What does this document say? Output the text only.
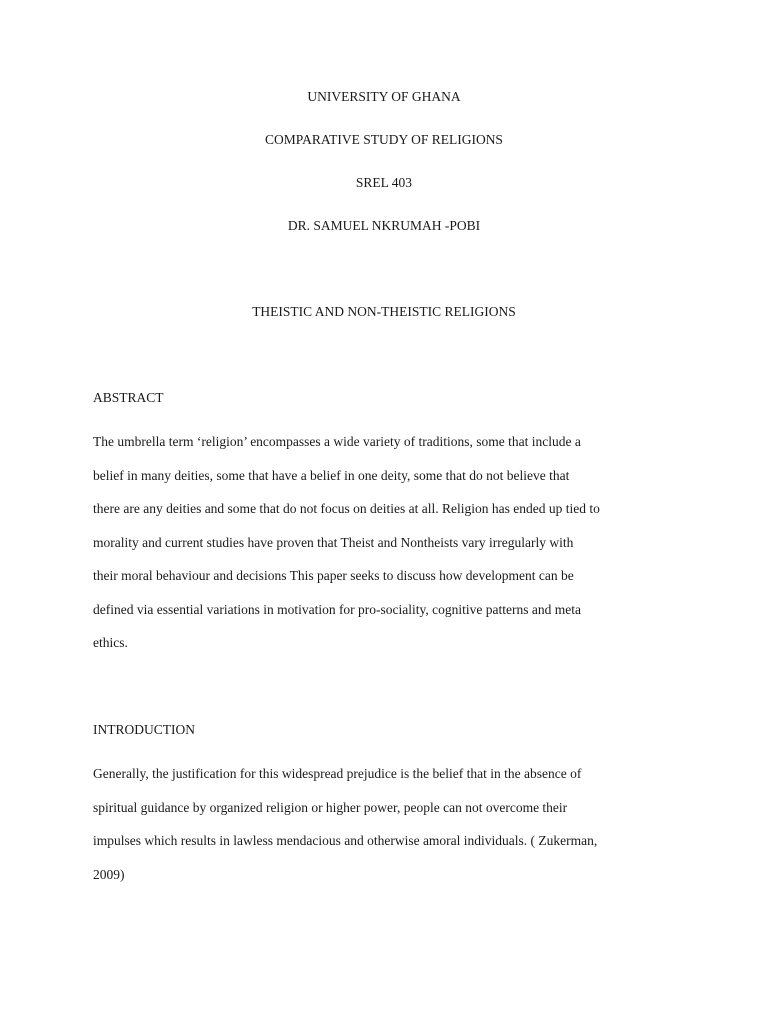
UNIVERSITY OF GHANA
COMPARATIVE STUDY OF RELIGIONS
SREL 403
DR. SAMUEL NKRUMAH -POBI
THEISTIC AND NON-THEISTIC RELIGIONS
ABSTRACT
The umbrella term ‘religion’ encompasses a wide variety of traditions, some that include a
belief in many deities, some that have a belief in one deity, some that do not believe that
there are any deities and some that do not focus on deities at all. Religion has ended up tied to
morality and current studies have proven that Theist and Nontheists vary irregularly with
their moral behaviour and decisions This paper seeks to discuss how development can be
defined via essential variations in motivation for pro-sociality, cognitive patterns and meta
ethics.
INTRODUCTION
Generally, the justification for this widespread prejudice is the belief that in the absence of
spiritual guidance by organized religion or higher power, people can not overcome their
impulses which results in lawless mendacious and otherwise amoral individuals. ( Zukerman,
2009)
